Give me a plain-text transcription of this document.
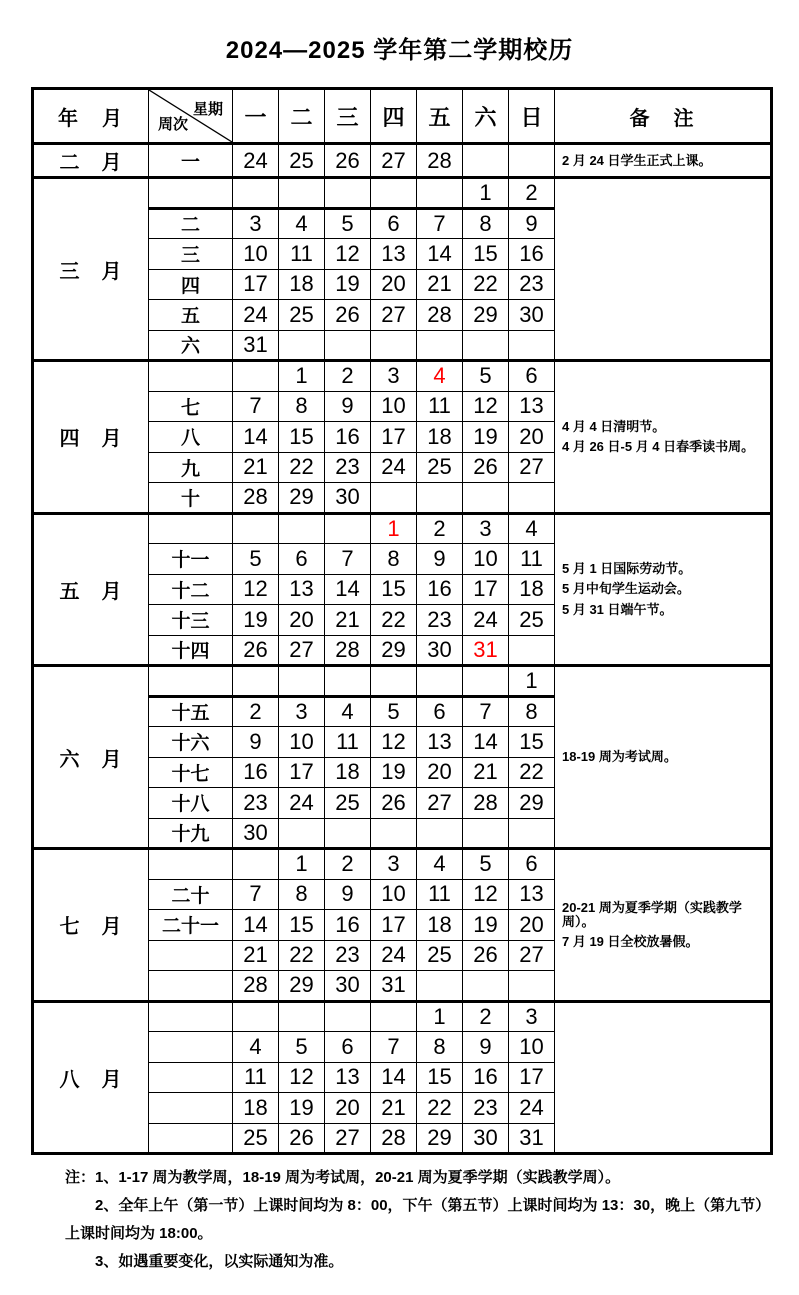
2024—2025 学年第二学期校历
年　月	星期
周次	一	二	三	四	五	六	日	备　注
二　月	一	24	25	26	27	28			2 月 24 日学生正式上课。

三　月							1	2	
	二	3	4	5	6	7	8	9	
	三	10	11	12	13	14	15	16	
	四	17	18	19	20	21	22	23	
	五	24	25	26	27	28	29	30	
	六	31							
四　月			1	2	3	4	5	6	4 月 4 日清明节。
4 月 26 日-5 月 4 日春季读书周。

	七	7	8	9	10	11	12	13	
	八	14	15	16	17	18	19	20	
	九	21	22	23	24	25	26	27	
	十	28	29	30					
五　月					1	2	3	4	5 月 1 日国际劳动节。
5 月中旬学生运动会。
5 月 31 日端午节。

	十一	5	6	7	8	9	10	11	
	十二	12	13	14	15	16	17	18	
	十三	19	20	21	22	23	24	25	
	十四	26	27	28	29	30	31		
六　月								1	18-19 周为考试周。

	十五	2	3	4	5	6	7	8	
	十六	9	10	11	12	13	14	15	
	十七	16	17	18	19	20	21	22	
	十八	23	24	25	26	27	28	29	
	十九	30							
七　月			1	2	3	4	5	6	20-21 周为夏季学期（实践教学周）。
7 月 19 日全校放暑假。

	二十	7	8	9	10	11	12	13	
	二十一	14	15	16	17	18	19	20	
		21	22	23	24	25	26	27	
		28	29	30	31				
八　月						1	2	3	
		4	5	6	7	8	9	10	
		11	12	13	14	15	16	17	
		18	19	20	21	22	23	24	
		25	26	27	28	29	30	31	
注：1、1-17 周为教学周，18-19 周为考试周，20-21 周为夏季学期（实践教学周）。
2、全年上午（第一节）上课时间均为 8：00，下午（第五节）上课时间均为 13：30，晚上（第九节）
上课时间均为 18:00。
3、如遇重要变化，以实际通知为准。
